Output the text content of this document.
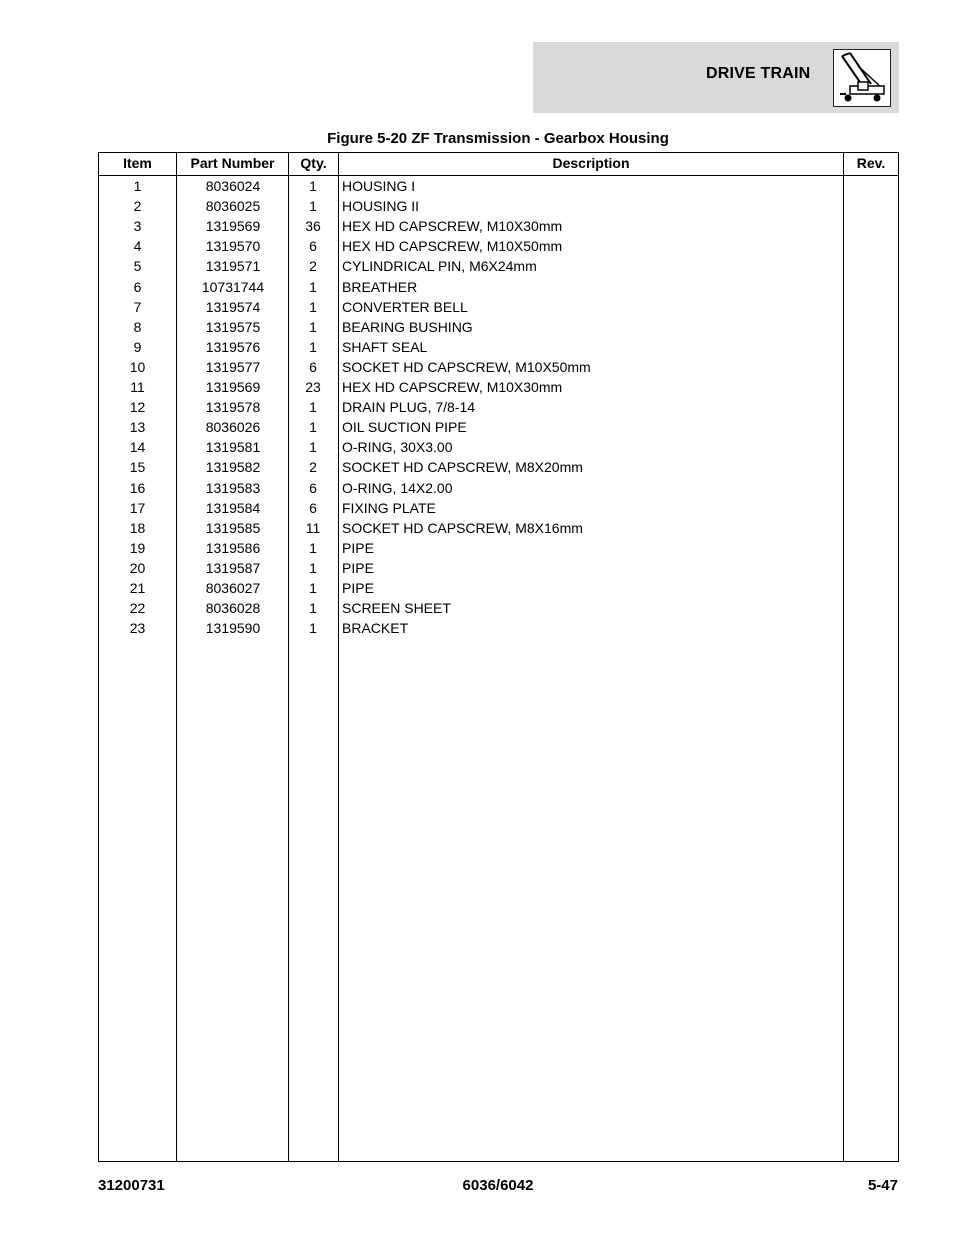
DRIVE TRAIN
Figure 5-20 ZF Transmission - Gearbox Housing
Item	Part Number	Qty.	Description	Rev.
1	8036024	1	HOUSING I
2	8036025	1	HOUSING II
3	1319569	36	HEX HD CAPSCREW, M10X30mm
4	1319570	6	HEX HD CAPSCREW, M10X50mm
5	1319571	2	CYLINDRICAL PIN, M6X24mm
6	10731744	1	BREATHER
7	1319574	1	CONVERTER BELL
8	1319575	1	BEARING BUSHING
9	1319576	1	SHAFT SEAL
10	1319577	6	SOCKET HD CAPSCREW, M10X50mm
11	1319569	23	HEX HD CAPSCREW, M10X30mm
12	1319578	1	DRAIN PLUG, 7/8-14
13	8036026	1	OIL SUCTION PIPE
14	1319581	1	O-RING, 30X3.00
15	1319582	2	SOCKET HD CAPSCREW, M8X20mm
16	1319583	6	O-RING, 14X2.00
17	1319584	6	FIXING PLATE
18	1319585	11	SOCKET HD CAPSCREW, M8X16mm
19	1319586	1	PIPE
20	1319587	1	PIPE
21	8036027	1	PIPE
22	8036028	1	SCREEN SHEET
23	1319590	1	BRACKET
31200731	6036/6042	5-47
